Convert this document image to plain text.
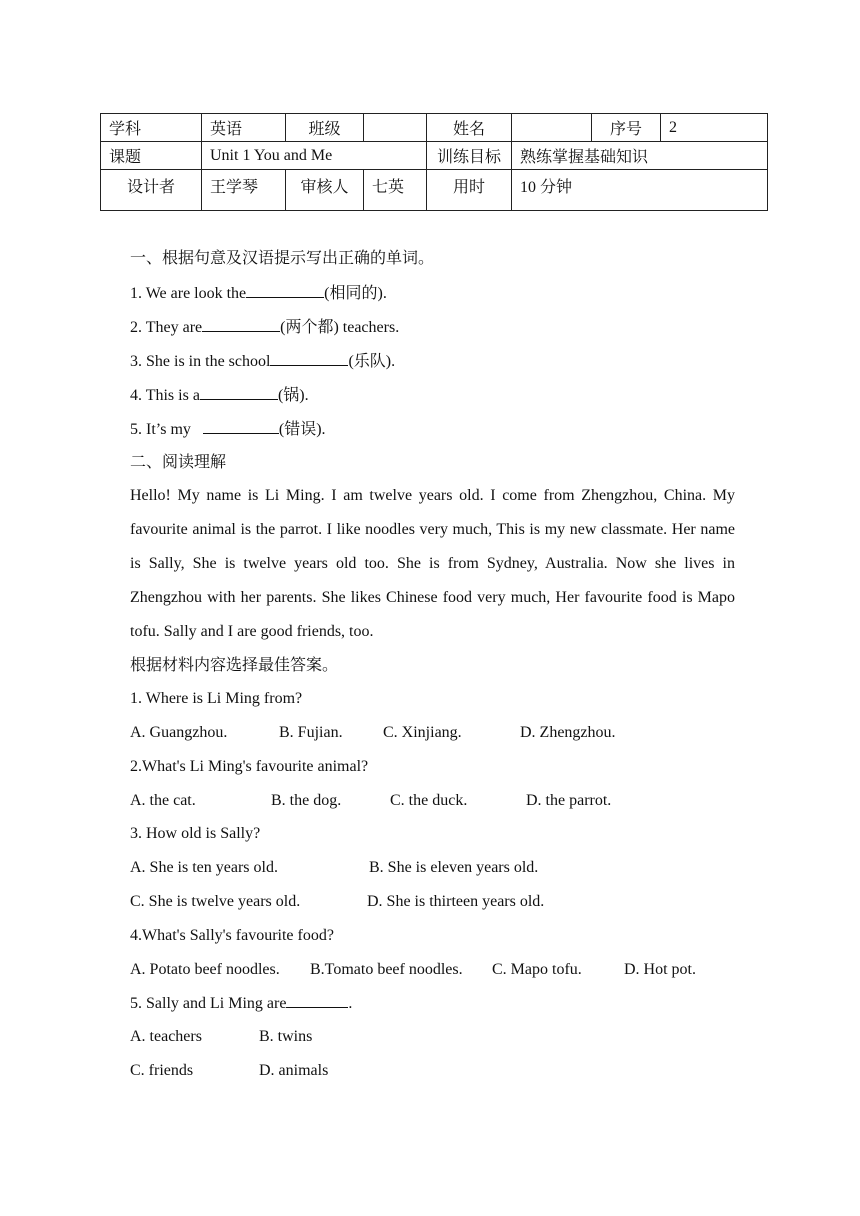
学科	英语	班级		姓名		序号	2
课题	Unit 1 You and Me			训练目标	熟练掌握基础知识		
设计者	王学琴	审核人	七英	用时	10 分钟		
一、根据句意及汉语提示写出正确的单词。
1. We are look the	(相同的).
2. They are	(两个都) teachers.
3. She is in the school	(乐队).
4. This is a	(锅).
5. It’s my	(错误).
二、阅读理解
Hello! My name is Li Ming. I am twelve years old. I come from Zhengzhou, China. My favourite animal is the parrot. I like noodles very much, This is my new classmate. Her name is Sally, She is twelve years old too. She is from Sydney, Australia. Now she lives in Zhengzhou with her parents. She likes Chinese food very much, Her favourite food is Mapo tofu. Sally and I are good friends, too.
根据材料内容选择最佳答案。
1. Where is Li Ming from?
A. Guangzhou.	B. Fujian.	C. Xinjiang.	D. Zhengzhou.
2.What's Li Ming's favourite animal?
A. the cat.	B. the dog.	C. the duck.	D. the parrot.
3. How old is Sally?
A. She is ten years old.	B. She is eleven years old.
C. She is twelve years old.	D. She is thirteen years old.
4.What's Sally's favourite food?
A. Potato beef noodles. B.Tomato beef noodles. C. Mapo tofu.	D. Hot pot.
5. Sally and Li Ming are	.
A. teachers	B. twins
C. friends	D. animals
